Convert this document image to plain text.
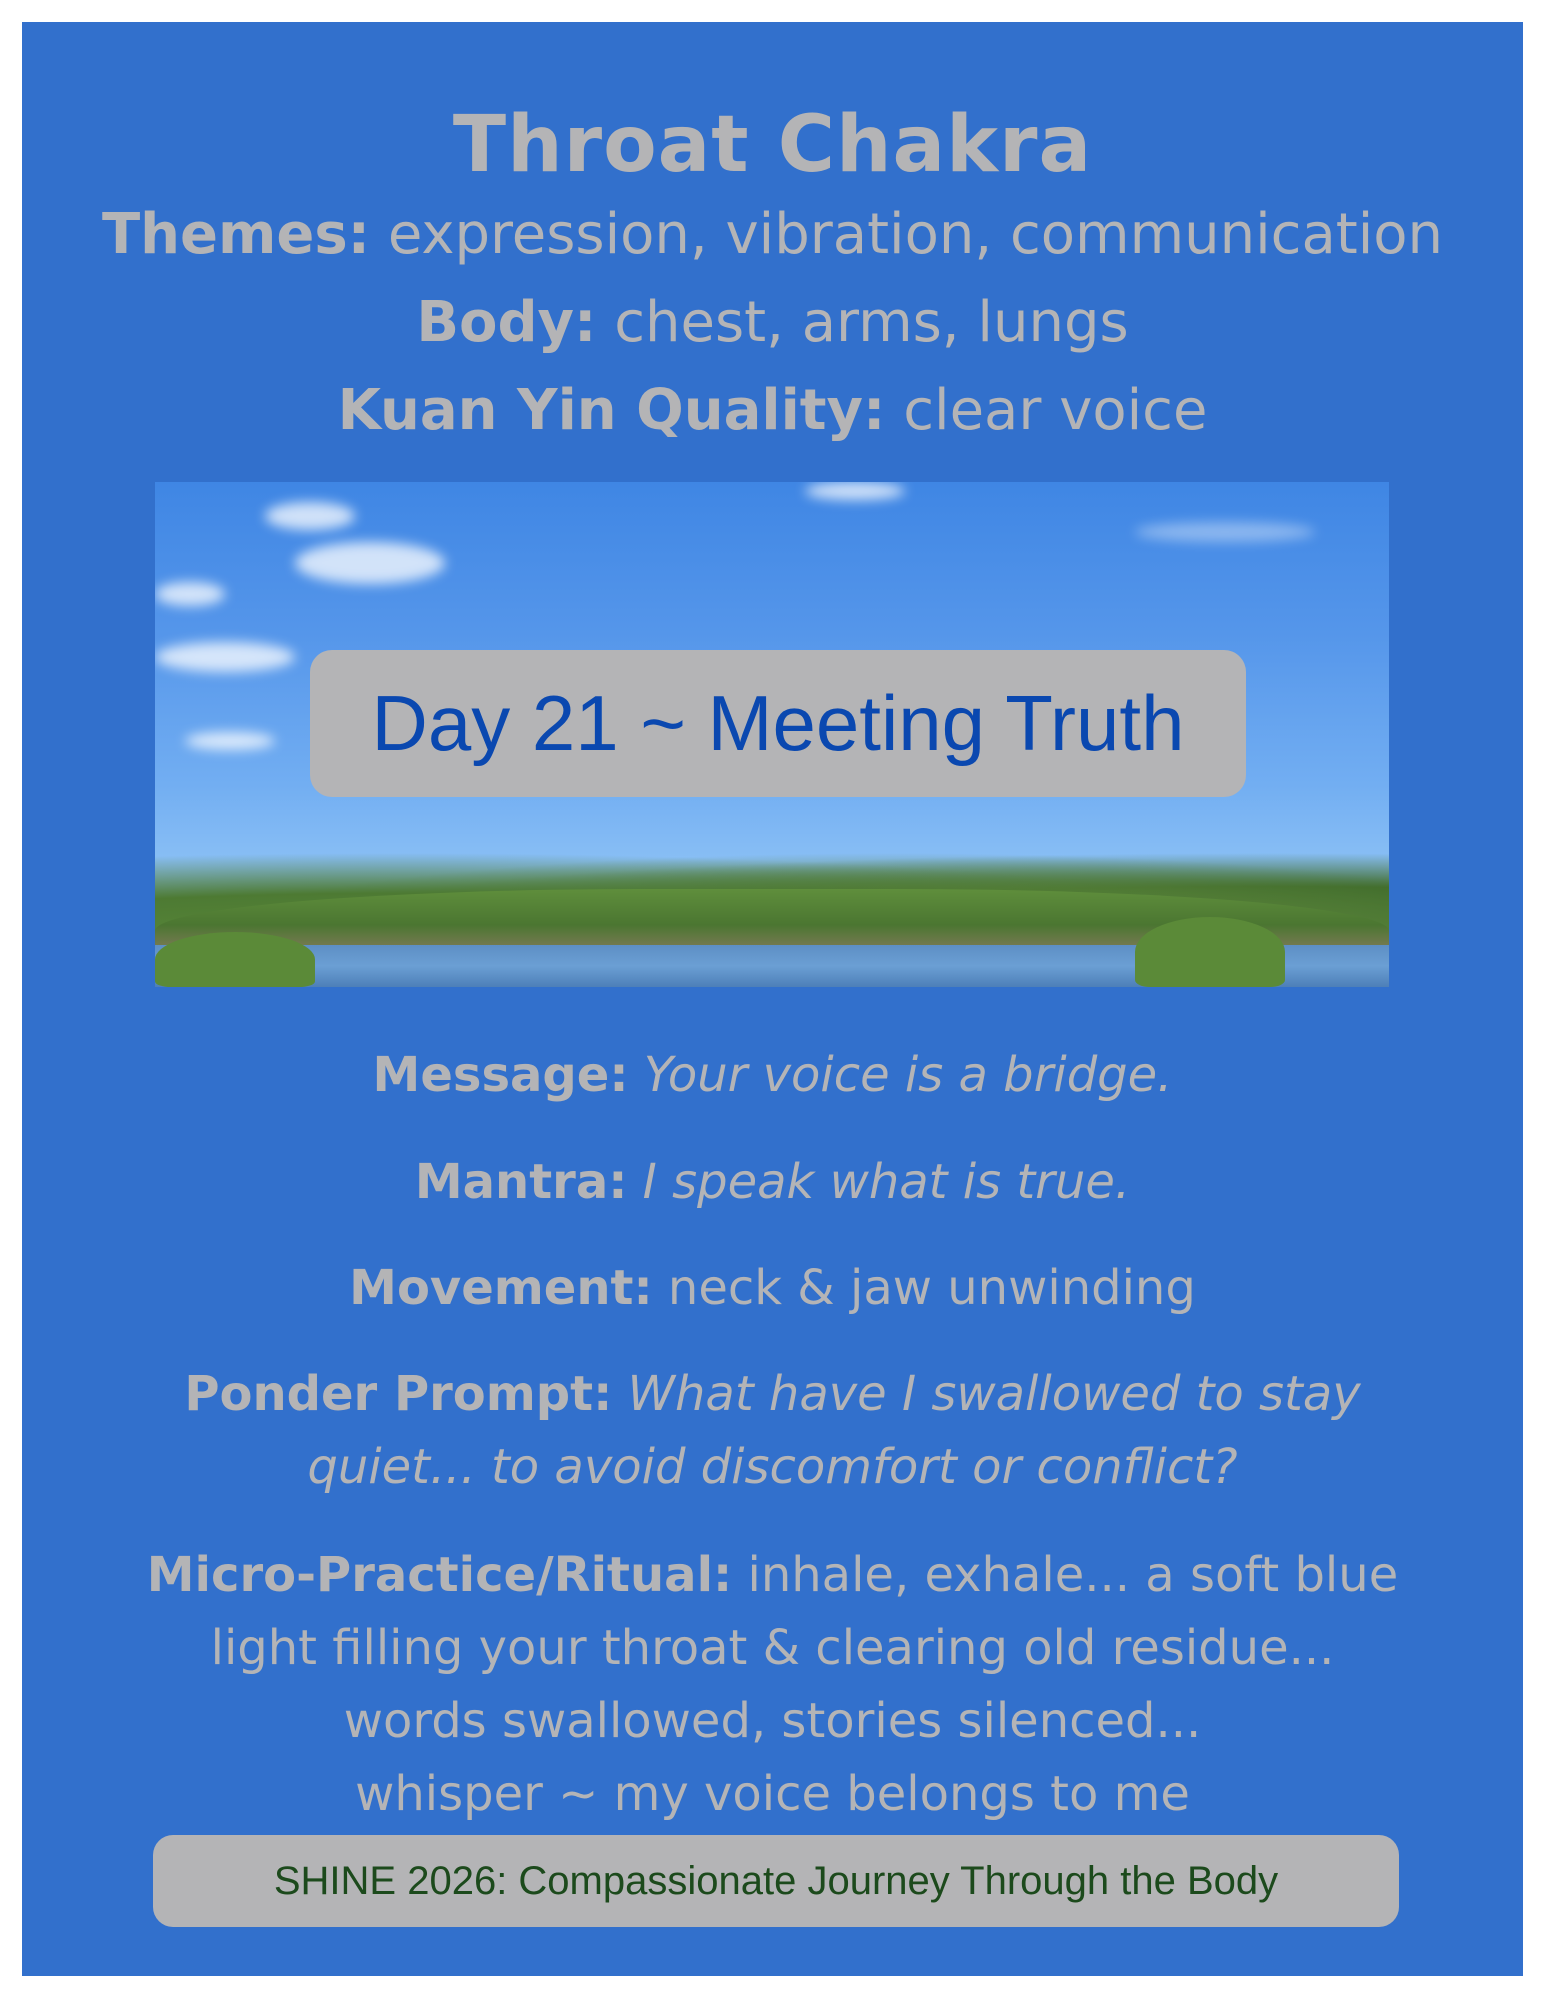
Throat Chakra
Themes: expression, vibration, communication
Body: chest, arms, lungs
Kuan Yin Quality: clear voice
Day 21 ~ Meeting Truth
Message: Your voice is a bridge.
Mantra: I speak what is true.
Movement: neck & jaw unwinding
Ponder Prompt: What have I swallowed to stay
quiet... to avoid discomfort or conflict?
Micro-Practice/Ritual: inhale, exhale... a soft blue
light filling your throat & clearing old residue...
words swallowed, stories silenced...
whisper ~ my voice belongs to me
SHINE 2026: Compassionate Journey Through the Body
